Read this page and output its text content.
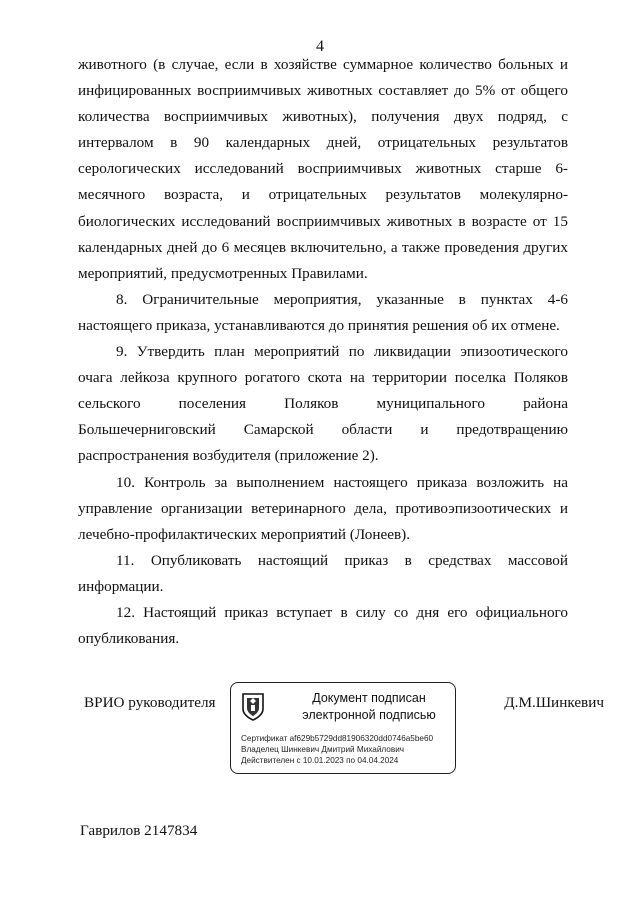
4

животного (в случае, если в хозяйстве суммарное количество больных и инфицированных восприимчивых животных составляет до 5% от общего количества восприимчивых животных), получения двух подряд, с интервалом в 90 календарных дней, отрицательных результатов серологических исследований восприимчивых животных старше 6-месячного возраста, и отрицательных результатов молекулярно-биологических исследований восприимчивых животных в возрасте от 15 календарных дней до 6 месяцев включительно, а также проведения других мероприятий, предусмотренных Правилами.

8. Ограничительные мероприятия, указанные в пунктах 4-6 настоящего приказа, устанавливаются до принятия решения об их отмене.

9. Утвердить план мероприятий по ликвидации эпизоотического очага лейкоза крупного рогатого скота на территории поселка Поляков сельского поселения Поляков муниципального района Большечерниговский Самарской области и предотвращению распространения возбудителя (приложение 2).

10. Контроль за выполнением настоящего приказа возложить на управление организации ветеринарного дела, противоэпизоотических и лечебно-профилактических мероприятий (Лонеев).

11. Опубликовать настоящий приказ в средствах массовой информации.

12. Настоящий приказ вступает в силу со дня его официального опубликования.

ВРИО руководителя	Документ подписан электронной подписью
Сертификат af629b5729dd81906320dd0746a5be60
Владелец Шинкевич Дмитрий Михайлович
Действителен с 10.01.2023 по 04.04.2024
Д.М.Шинкевич
Гаврилов 2147834
